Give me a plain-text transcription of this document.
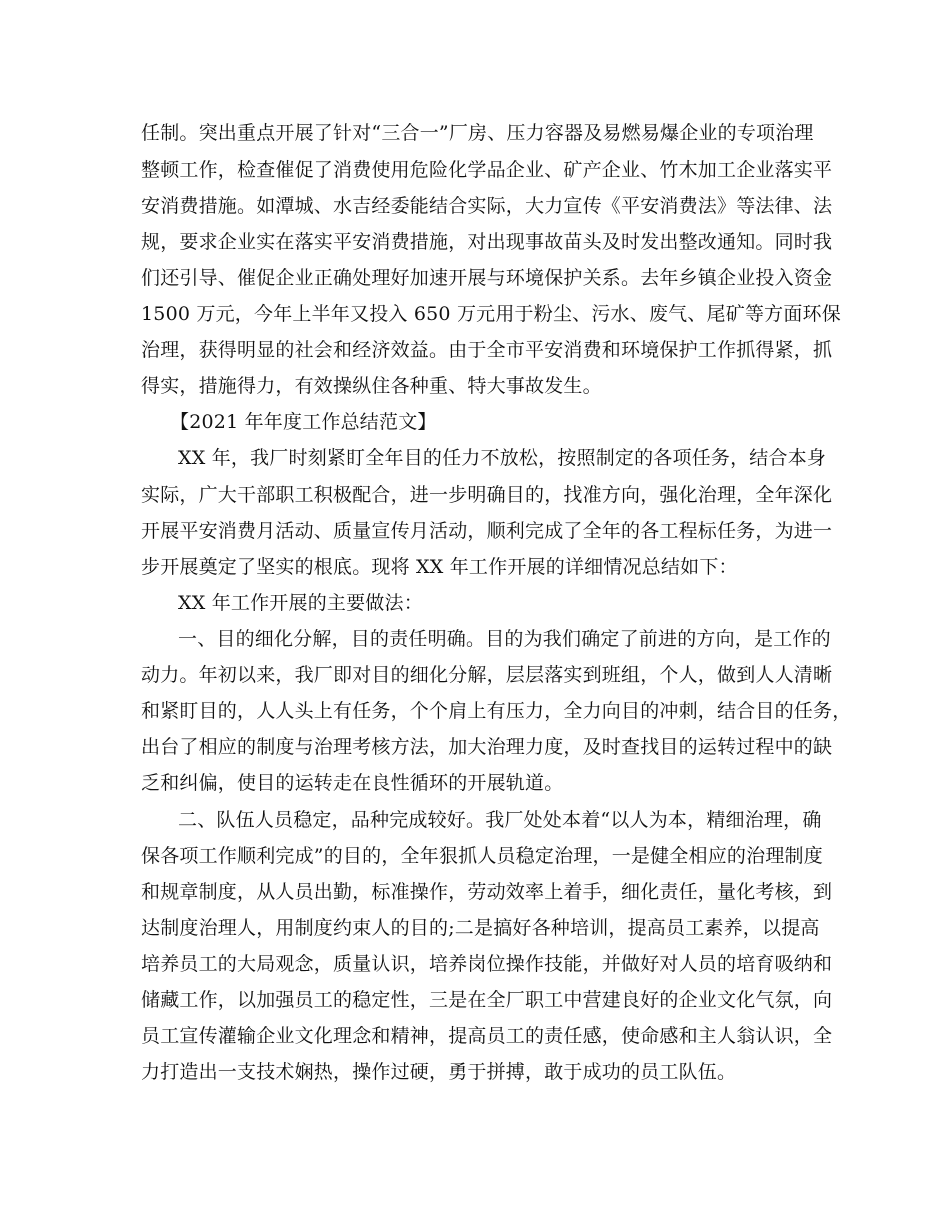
任制。突出重点开展了针对“三合一”厂房、压力容器及易燃易爆企业的专项治理
整顿工作，检查催促了消费使用危险化学品企业、矿产企业、竹木加工企业落实平
安消费措施。如潭城、水吉经委能结合实际，大力宣传《平安消费法》等法律、法
规，要求企业实在落实平安消费措施，对出现事故苗头及时发出整改通知。同时我
们还引导、催促企业正确处理好加速开展与环境保护关系。去年乡镇企业投入资金
1500 万元，今年上半年又投入 650 万元用于粉尘、污水、废气、尾矿等方面环保
治理，获得明显的社会和经济效益。由于全市平安消费和环境保护工作抓得紧，抓
得实，措施得力，有效操纵住各种重、特大事故发生。
【2021 年年度工作总结范文】
XX 年，我厂时刻紧盯全年目的任力不放松，按照制定的各项任务，结合本身
实际，广大干部职工积极配合，进一步明确目的，找准方向，强化治理，全年深化
开展平安消费月活动、质量宣传月活动，顺利完成了全年的各工程标任务，为进一
步开展奠定了坚实的根底。现将 XX 年工作开展的详细情况总结如下：
XX 年工作开展的主要做法：
一、目的细化分解，目的责任明确。目的为我们确定了前进的方向，是工作的
动力。年初以来，我厂即对目的细化分解，层层落实到班组，个人，做到人人清晰
和紧盯目的，人人头上有任务，个个肩上有压力，全力向目的冲刺，结合目的任务，
出台了相应的制度与治理考核方法，加大治理力度，及时查找目的运转过程中的缺
乏和纠偏，使目的运转走在良性循环的开展轨道。
二、队伍人员稳定，品种完成较好。我厂处处本着“以人为本，精细治理，确
保各项工作顺利完成”的目的，全年狠抓人员稳定治理，一是健全相应的治理制度
和规章制度，从人员出勤，标准操作，劳动效率上着手，细化责任，量化考核，到
达制度治理人，用制度约束人的目的;二是搞好各种培训，提高员工素养，以提高
培养员工的大局观念，质量认识，培养岗位操作技能，并做好对人员的培育吸纳和
储藏工作，以加强员工的稳定性，三是在全厂职工中营建良好的企业文化气氛，向
员工宣传灌输企业文化理念和精神，提高员工的责任感，使命感和主人翁认识，全
力打造出一支技术娴热，操作过硬，勇于拼搏，敢于成功的员工队伍。
